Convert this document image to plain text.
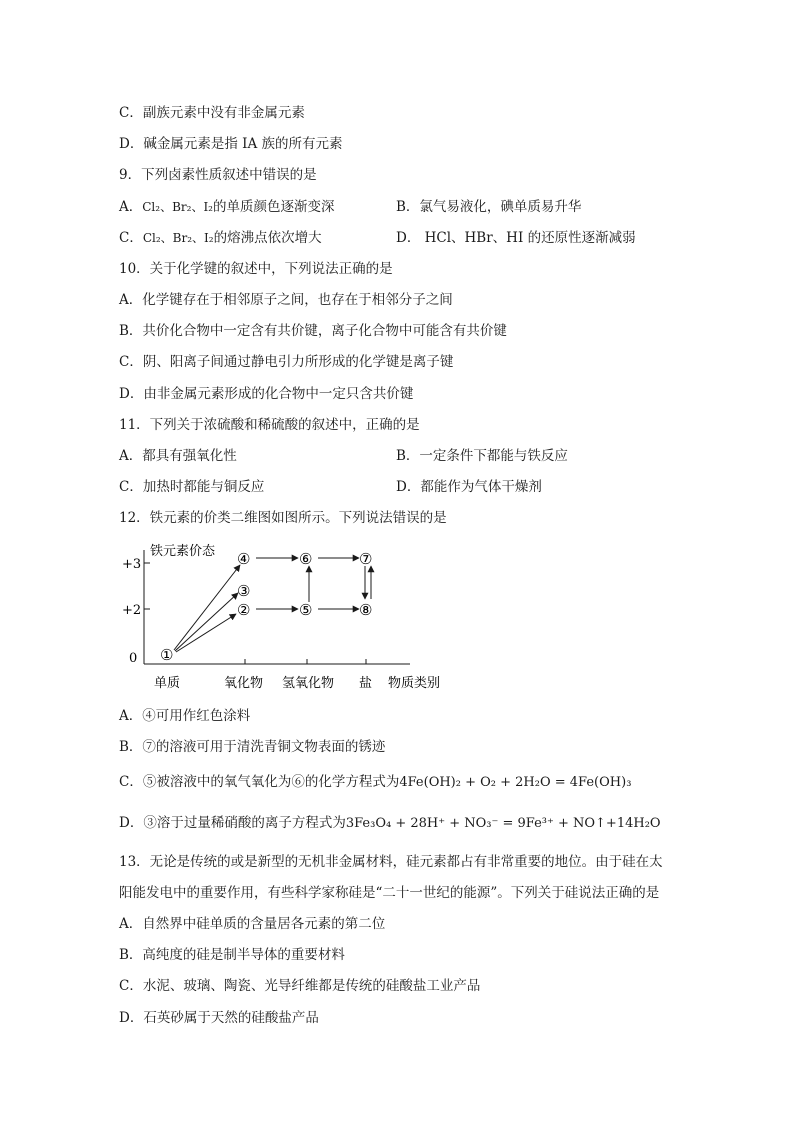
C．副族元素中没有非金属元素
D．碱金属元素是指 IA 族的所有元素
9．下列卤素性质叙述中错误的是
A．Cl₂、Br₂、I₂的单质颜色逐渐变深	B．氯气易液化，碘单质易升华
C．Cl₂、Br₂、I₂的熔沸点依次增大	D． HCl、HBr、HI 的还原性逐渐减弱
10．关于化学键的叙述中，下列说法正确的是
A．化学键存在于相邻原子之间，也存在于相邻分子之间
B．共价化合物中一定含有共价键，离子化合物中可能含有共价键
C．阴、阳离子间通过静电引力所形成的化学键是离子键
D．由非金属元素形成的化合物中一定只含共价键
11．下列关于浓硫酸和稀硫酸的叙述中，正确的是
A．都具有强氧化性	B．一定条件下都能与铁反应
C．加热时都能与铜反应	D．都能作为气体干燥剂
12．铁元素的价类二维图如图所示。下列说法错误的是
铁元素价态
+3
+2
0
单质	氧化物 氢氧化物 盐 物质类别
①
②
③
④
⑤
⑥	⑦
⑧
A．④可用作红色涂料
B．⑦的溶液可用于清洗青铜文物表面的锈迹
C．⑤被溶液中的氧气氧化为⑥的化学方程式为4Fe(OH)₂ + O₂ + 2H₂O = 4Fe(OH)₃
D．③溶于过量稀硝酸的离子方程式为3Fe₃O₄ + 28H⁺ + NO₃⁻ = 9Fe³⁺ + NO↑+14H₂O
13．无论是传统的或是新型的无机非金属材料，硅元素都占有非常重要的地位。由于硅在太
阳能发电中的重要作用，有些科学家称硅是“二十一世纪的能源”。下列关于硅说法正确的是
A．自然界中硅单质的含量居各元素的第二位
B．高纯度的硅是制半导体的重要材料
C．水泥、玻璃、陶瓷、光导纤维都是传统的硅酸盐工业产品
D．石英砂属于天然的硅酸盐产品
